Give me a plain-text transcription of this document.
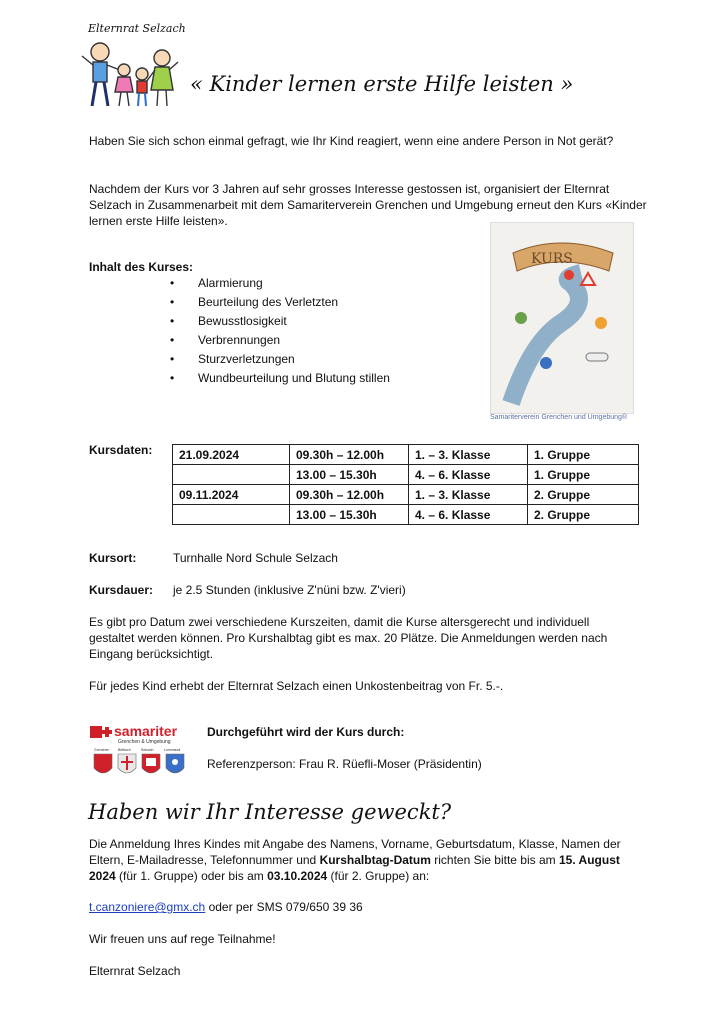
Elternrat Selzach
« Kinder lernen erste Hilfe leisten »
Haben Sie sich schon einmal gefragt, wie Ihr Kind reagiert, wenn eine andere Person in Not gerät?
Nachdem der Kurs vor 3 Jahren auf sehr grosses Interesse gestossen ist, organisiert der Elternrat Selzach in Zusammenarbeit mit dem Samariterverein Grenchen und Umgebung erneut den Kurs «Kinder lernen erste Hilfe leisten».
Inhalt des Kurses:
• Alarmierung
• Beurteilung des Verletzten
• Bewusstlosigkeit
• Verbrennungen
• Sturzverletzungen
• Wundbeurteilung und Blutung stillen
KURS
Samariterverein Grenchen und Umgebung®
Kursdaten: 21.09.2024	09.30h – 12.00h	1. – 3. Klasse	1. Gruppe
	13.00 – 15.30h	4. – 6. Klasse	1. Gruppe
09.11.2024	09.30h – 12.00h	1. – 3. Klasse	2. Gruppe
	13.00 – 15.30h	4. – 6. Klasse	2. Gruppe
Kursort:	Turnhalle Nord Schule Selzach
Kursdauer: je 2.5 Stunden (inklusive Z'nüni bzw. Z'vieri)
Es gibt pro Datum zwei verschiedene Kurszeiten, damit die Kurse altersgerecht und individuell gestaltet werden können. Pro Kurshalbtag gibt es max. 20 Plätze. Die Anmeldungen werden nach Eingang berücksichtigt.
Für jedes Kind erhebt der Elternrat Selzach einen Unkostenbeitrag von Fr. 5.-.
samariter
Grenchen & Umgebung
Grenchen Bettlach	Selzach	Lommiswil
Durchgeführt wird der Kurs durch:
Referenzperson: Frau R. Rüefli-Moser (Präsidentin)
Haben wir Ihr Interesse geweckt?
Die Anmeldung Ihres Kindes mit Angabe des Namens, Vorname, Geburtsdatum, Klasse, Namen der Eltern, E-Mailadresse, Telefonnummer und Kurshalbtag-Datum richten Sie bitte bis am 15. August 2024 (für 1. Gruppe) oder bis am 03.10.2024 (für 2. Gruppe) an:
t.canzoniere@gmx.ch oder per SMS 079/650 39 36
Wir freuen uns auf rege Teilnahme!
Elternrat Selzach
